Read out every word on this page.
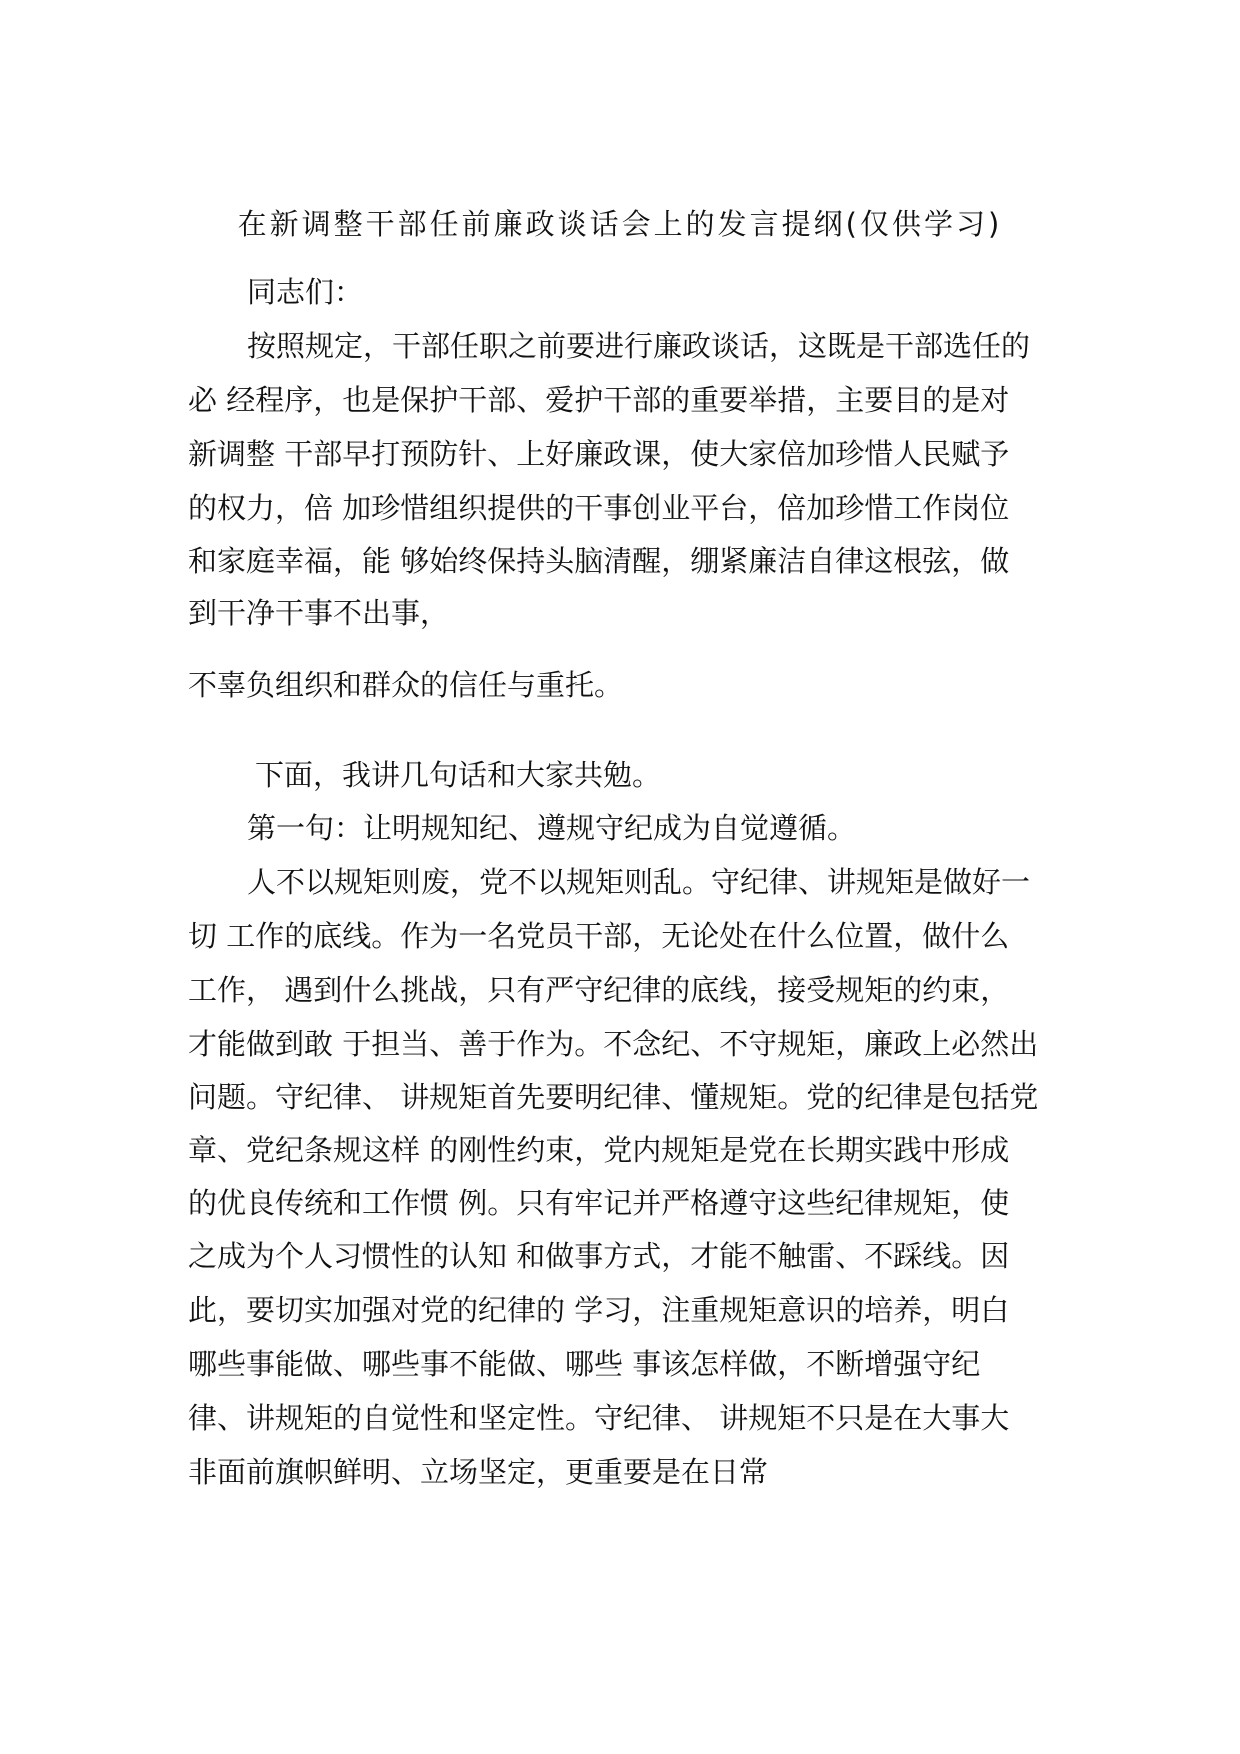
在新调整干部任前廉政谈话会上的发言提纲(仅供学习)
同志们：
按照规定，干部任职之前要进行廉政谈话，这既是干部选任的
必 经程序，也是保护干部、爱护干部的重要举措，主要目的是对
新调整 干部早打预防针、上好廉政课，使大家倍加珍惜人民赋予
的权力，倍 加珍惜组织提供的干事创业平台，倍加珍惜工作岗位
和家庭幸福，能 够始终保持头脑清醒，绷紧廉洁自律这根弦，做
到干净干事不出事，
不辜负组织和群众的信任与重托。
下面，我讲几句话和大家共勉。
第一句：让明规知纪、遵规守纪成为自觉遵循。
人不以规矩则废，党不以规矩则乱。守纪律、讲规矩是做好一
切 工作的底线。作为一名党员干部，无论处在什么位置，做什么
工作， 遇到什么挑战，只有严守纪律的底线，接受规矩的约束，
才能做到敢 于担当、善于作为。不念纪、不守规矩，廉政上必然出
问题。守纪律、 讲规矩首先要明纪律、懂规矩。党的纪律是包括党
章、党纪条规这样 的刚性约束，党内规矩是党在长期实践中形成
的优良传统和工作惯 例。只有牢记并严格遵守这些纪律规矩，使
之成为个人习惯性的认知 和做事方式，才能不触雷、不踩线。因
此，要切实加强对党的纪律的 学习，注重规矩意识的培养，明白
哪些事能做、哪些事不能做、哪些 事该怎样做，不断增强守纪
律、讲规矩的自觉性和坚定性。守纪律、 讲规矩不只是在大事大
非面前旗帜鲜明、立场坚定，更重要是在日常
